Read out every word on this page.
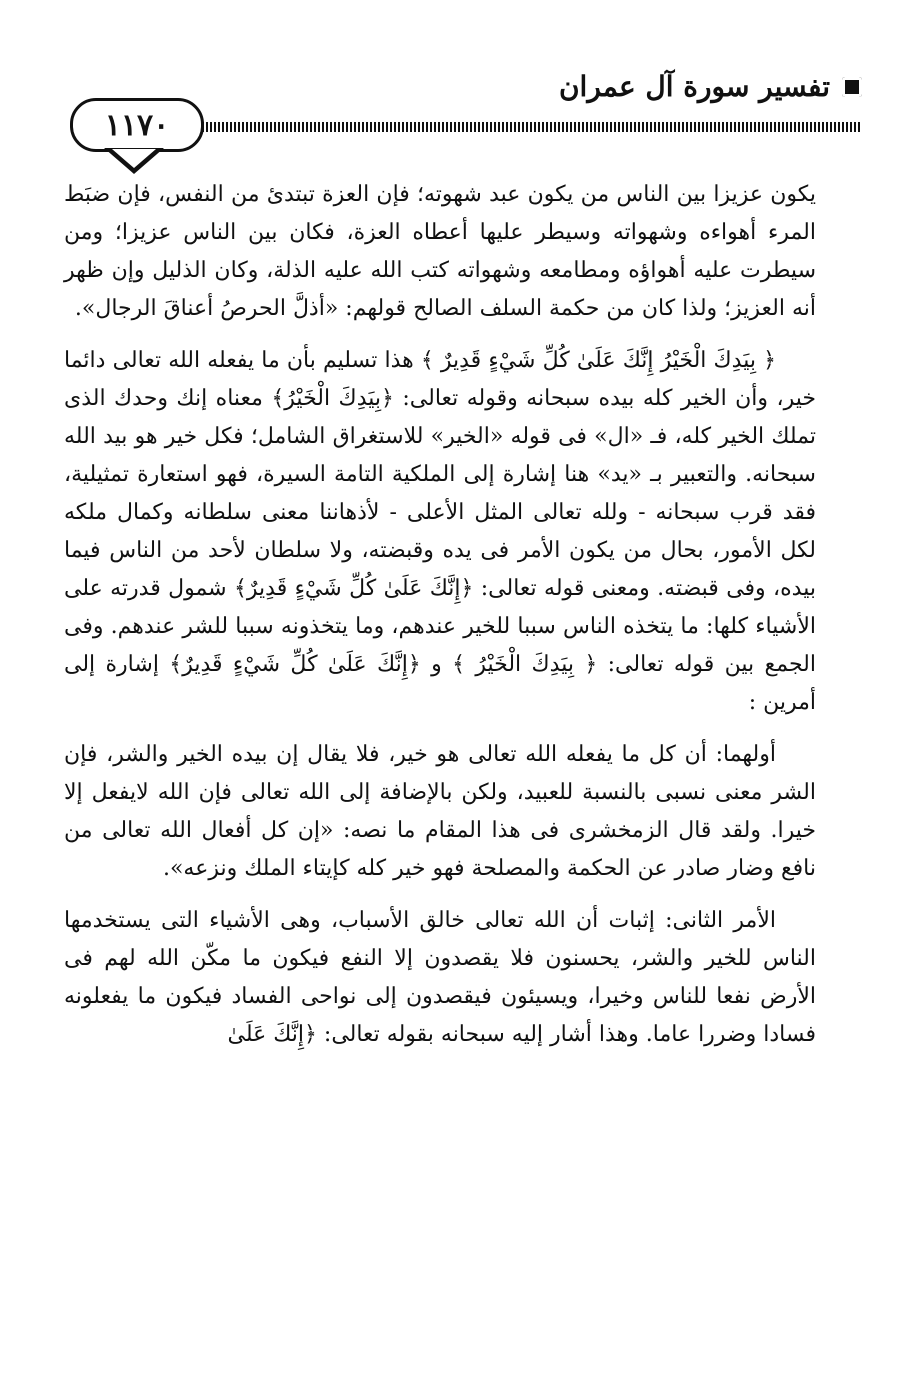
تفسير سورة آل عمران
١١٧٠

يكون عزيزا بين الناس من يكون عبد شهوته؛ فإن العزة تبتدئ من النفس، فإن ضبَط المرء أهواءه وشهواته وسيطر عليها أعطاه العزة، فكان بين الناس عزيزا؛ ومن سيطرت عليه أهواؤه ومطامعه وشهواته كتب الله عليه الذلة، وكان الذليل وإن ظهر أنه العزيز؛ ولذا كان من حكمة السلف الصالح قولهم: «أذلَّ الحرصُ أعناقَ الرجال».

﴿ بِيَدِكَ الْخَيْرُ إِنَّكَ عَلَىٰ كُلِّ شَيْءٍ قَدِيرٌ ﴾ هذا تسليم بأن ما يفعله الله تعالى دائما خير، وأن الخير كله بيده سبحانه وقوله تعالى: ﴿بِيَدِكَ الْخَيْرُ﴾ معناه إنك وحدك الذى تملك الخير كله، فـ «ال» فى قوله «الخير» للاستغراق الشامل؛ فكل خير هو بيد الله سبحانه. والتعبير بـ «يد» هنا إشارة إلى الملكية التامة السيرة، فهو استعارة تمثيلية، فقد قرب سبحانه - ولله تعالى المثل الأعلى - لأذهاننا معنى سلطانه وكمال ملكه لكل الأمور، بحال من يكون الأمر فى يده وقبضته، ولا سلطان لأحد من الناس فيما بيده، وفى قبضته. ومعنى قوله تعالى: ﴿إِنَّكَ عَلَىٰ كُلِّ شَيْءٍ قَدِيرٌ﴾ شمول قدرته على الأشياء كلها: ما يتخذه الناس سببا للخير عندهم، وما يتخذونه سببا للشر عندهم. وفى الجمع بين قوله تعالى: ﴿ بِيَدِكَ الْخَيْرُ ﴾ و ﴿إِنَّكَ عَلَىٰ كُلِّ شَيْءٍ قَدِيرٌ﴾ إشارة إلى أمرين :

أولهما: أن كل ما يفعله الله تعالى هو خير، فلا يقال إن بيده الخير والشر، فإن الشر معنى نسبى بالنسبة للعبيد، ولكن بالإضافة إلى الله تعالى فإن الله لايفعل إلا خيرا. ولقد قال الزمخشرى فى هذا المقام ما نصه: «إن كل أفعال الله تعالى من نافع وضار صادر عن الحكمة والمصلحة فهو خير كله كإيتاء الملك ونزعه».

الأمر الثانى: إثبات أن الله تعالى خالق الأسباب، وهى الأشياء التى يستخدمها الناس للخير والشر، يحسنون فلا يقصدون إلا النفع فيكون ما مكّن الله لهم فى الأرض نفعا للناس وخيرا، ويسيئون فيقصدون إلى نواحى الفساد فيكون ما يفعلونه فسادا وضررا عاما. وهذا أشار إليه سبحانه بقوله تعالى: ﴿إِنَّكَ عَلَىٰ
